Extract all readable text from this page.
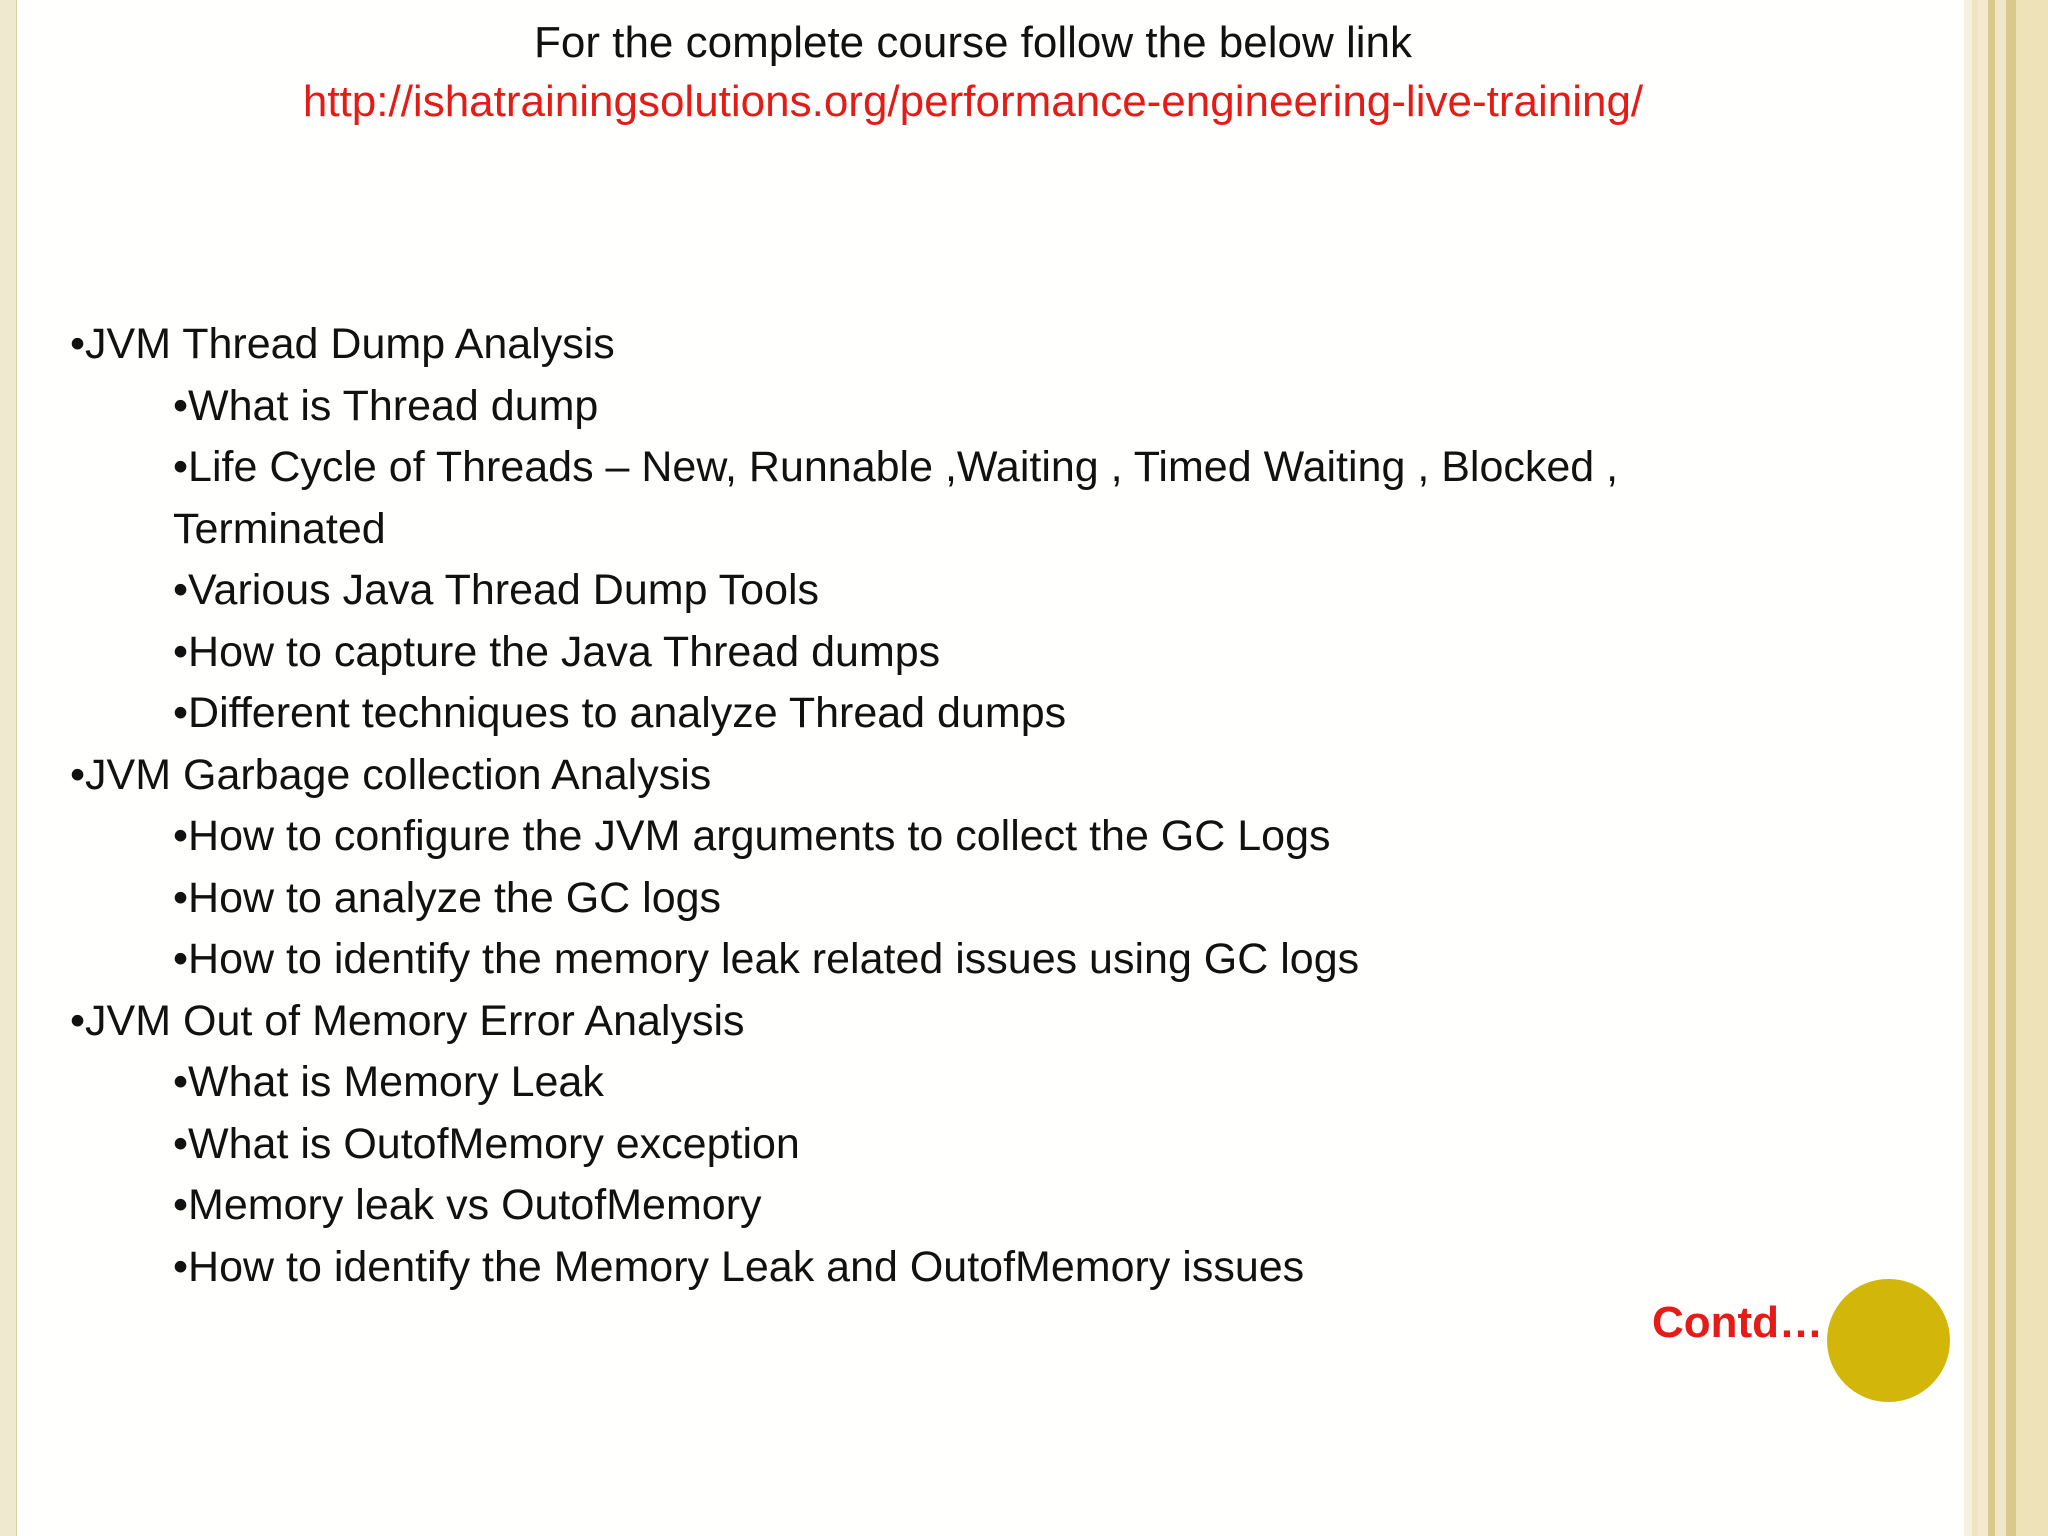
For the complete course follow the below link
http://ishatrainingsolutions.org/performance-engineering-live-training/

•JVM Thread Dump Analysis

•What is Thread dump

•Life Cycle of Threads – New, Runnable ,Waiting , Timed Waiting , Blocked ,

Terminated

•Various Java Thread Dump Tools

•How to capture the Java Thread dumps

•Different techniques to analyze Thread dumps

•JVM Garbage collection Analysis

•How to configure the JVM arguments to collect the GC Logs

•How to analyze the GC logs

•How to identify the memory leak related issues using GC logs

•JVM Out of Memory Error Analysis

•What is Memory Leak

•What is OutofMemory exception

•Memory leak vs OutofMemory

•How to identify the Memory Leak and OutofMemory issues

Contd…
